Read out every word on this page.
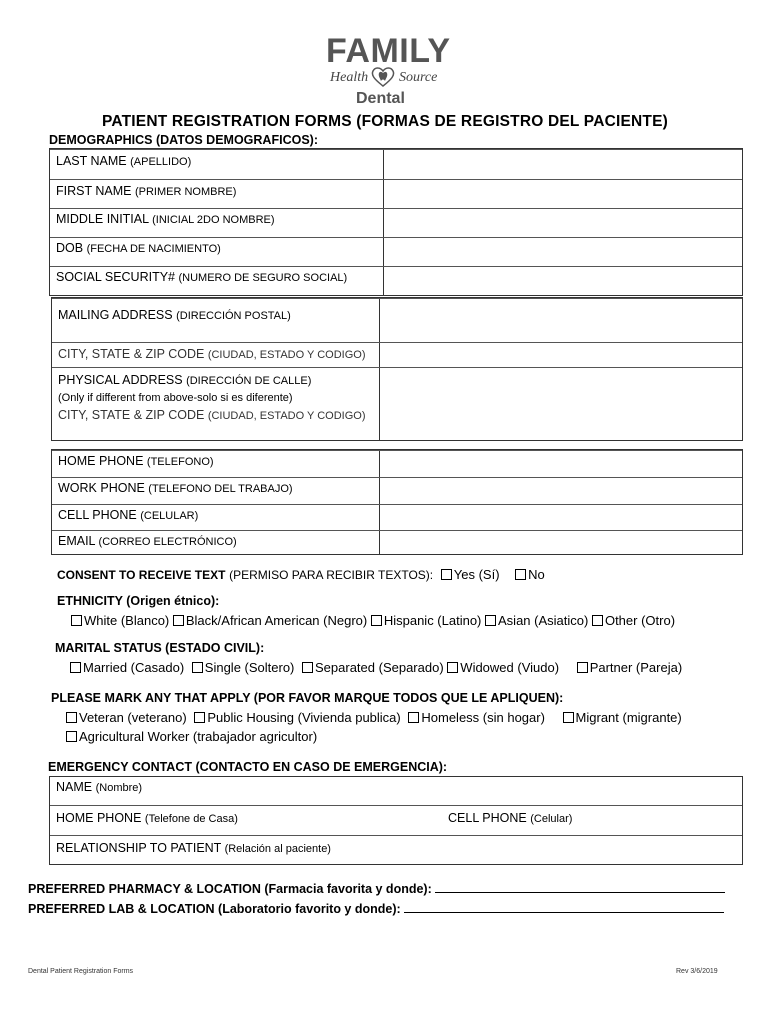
FAMILY
Health Source
Dental
PATIENT REGISTRATION FORMS (FORMAS DE REGISTRO DEL PACIENTE)
DEMOGRAPHICS (DATOS DEMOGRAFICOS):
LAST NAME (APELLIDO)
FIRST NAME (PRIMER NOMBRE)
MIDDLE INITIAL (INICIAL 2DO NOMBRE)
DOB (FECHA DE NACIMIENTO)
SOCIAL SECURITY# (NUMERO DE SEGURO SOCIAL)
MAILING ADDRESS (DIRECCIÓN POSTAL)
CITY, STATE & ZIP CODE (CIUDAD, ESTADO Y CODIGO)
PHYSICAL ADDRESS (DIRECCIÓN DE CALLE)
(Only if different from above-solo si es diferente)
CITY, STATE & ZIP CODE (CIUDAD, ESTADO Y CODIGO)
HOME PHONE (TELEFONO)
WORK PHONE (TELEFONO DEL TRABAJO)
CELL PHONE (CELULAR)
EMAIL (CORREO ELECTRÓNICO)
CONSENT TO RECEIVE TEXT (PERMISO PARA RECIBIR TEXTOS): Yes (Sí) No
ETHNICITY (Origen étnico):
White (Blanco) Black/African American (Negro) Hispanic (Latino) Asian (Asiatico) Other (Otro)
MARITAL STATUS (ESTADO CIVIL):
Married (Casado) Single (Soltero) Separated (Separado) Widowed (Viudo) Partner (Pareja)
PLEASE MARK ANY THAT APPLY (POR FAVOR MARQUE TODOS QUE LE APLIQUEN):
Veteran (veterano) Public Housing (Vivienda publica) Homeless (sin hogar) Migrant (migrante)
Agricultural Worker (trabajador agricultor)
EMERGENCY CONTACT (CONTACTO EN CASO DE EMERGENCIA):
NAME (Nombre)
HOME PHONE (Telefone de Casa)	CELL PHONE (Celular)
RELATIONSHIP TO PATIENT (Relación al paciente)
PREFERRED PHARMACY & LOCATION (Farmacia favorita y donde):
PREFERRED LAB & LOCATION (Laboratorio favorito y donde):
Dental Patient Registration Forms	Rev 3/6/2019
